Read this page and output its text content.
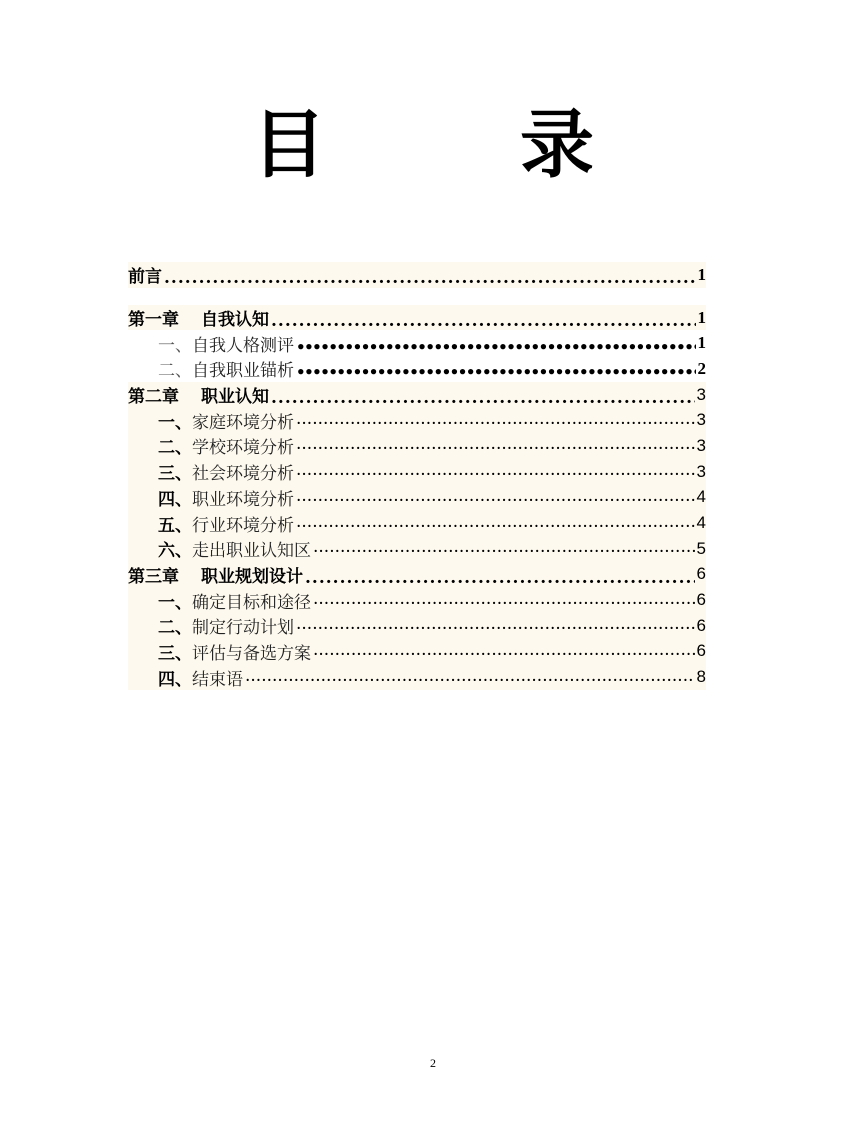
目　录
前言 .....	1
第一章 自我认知 .....	1
一、 自我人格测评 •••••	1
二、 自我职业锚析 •••••	2
第二章 职业认知 .....	3
一、 家庭环境分析 ·····	3
二、 学校环境分析 ·····	3
三、 社会环境分析 ·····	3
四、 职业环境分析 ·····	4
五、 行业环境分析 ·····	4
六、 走出职业认知区 ·····	5
第三章 职业规划设计 .....	6
一、 确定目标和途径 ·····	6
二、 制定行动计划 ·····	6
三、 评估与备选方案 ·····	6
四、 结束语 ·····	8
2
